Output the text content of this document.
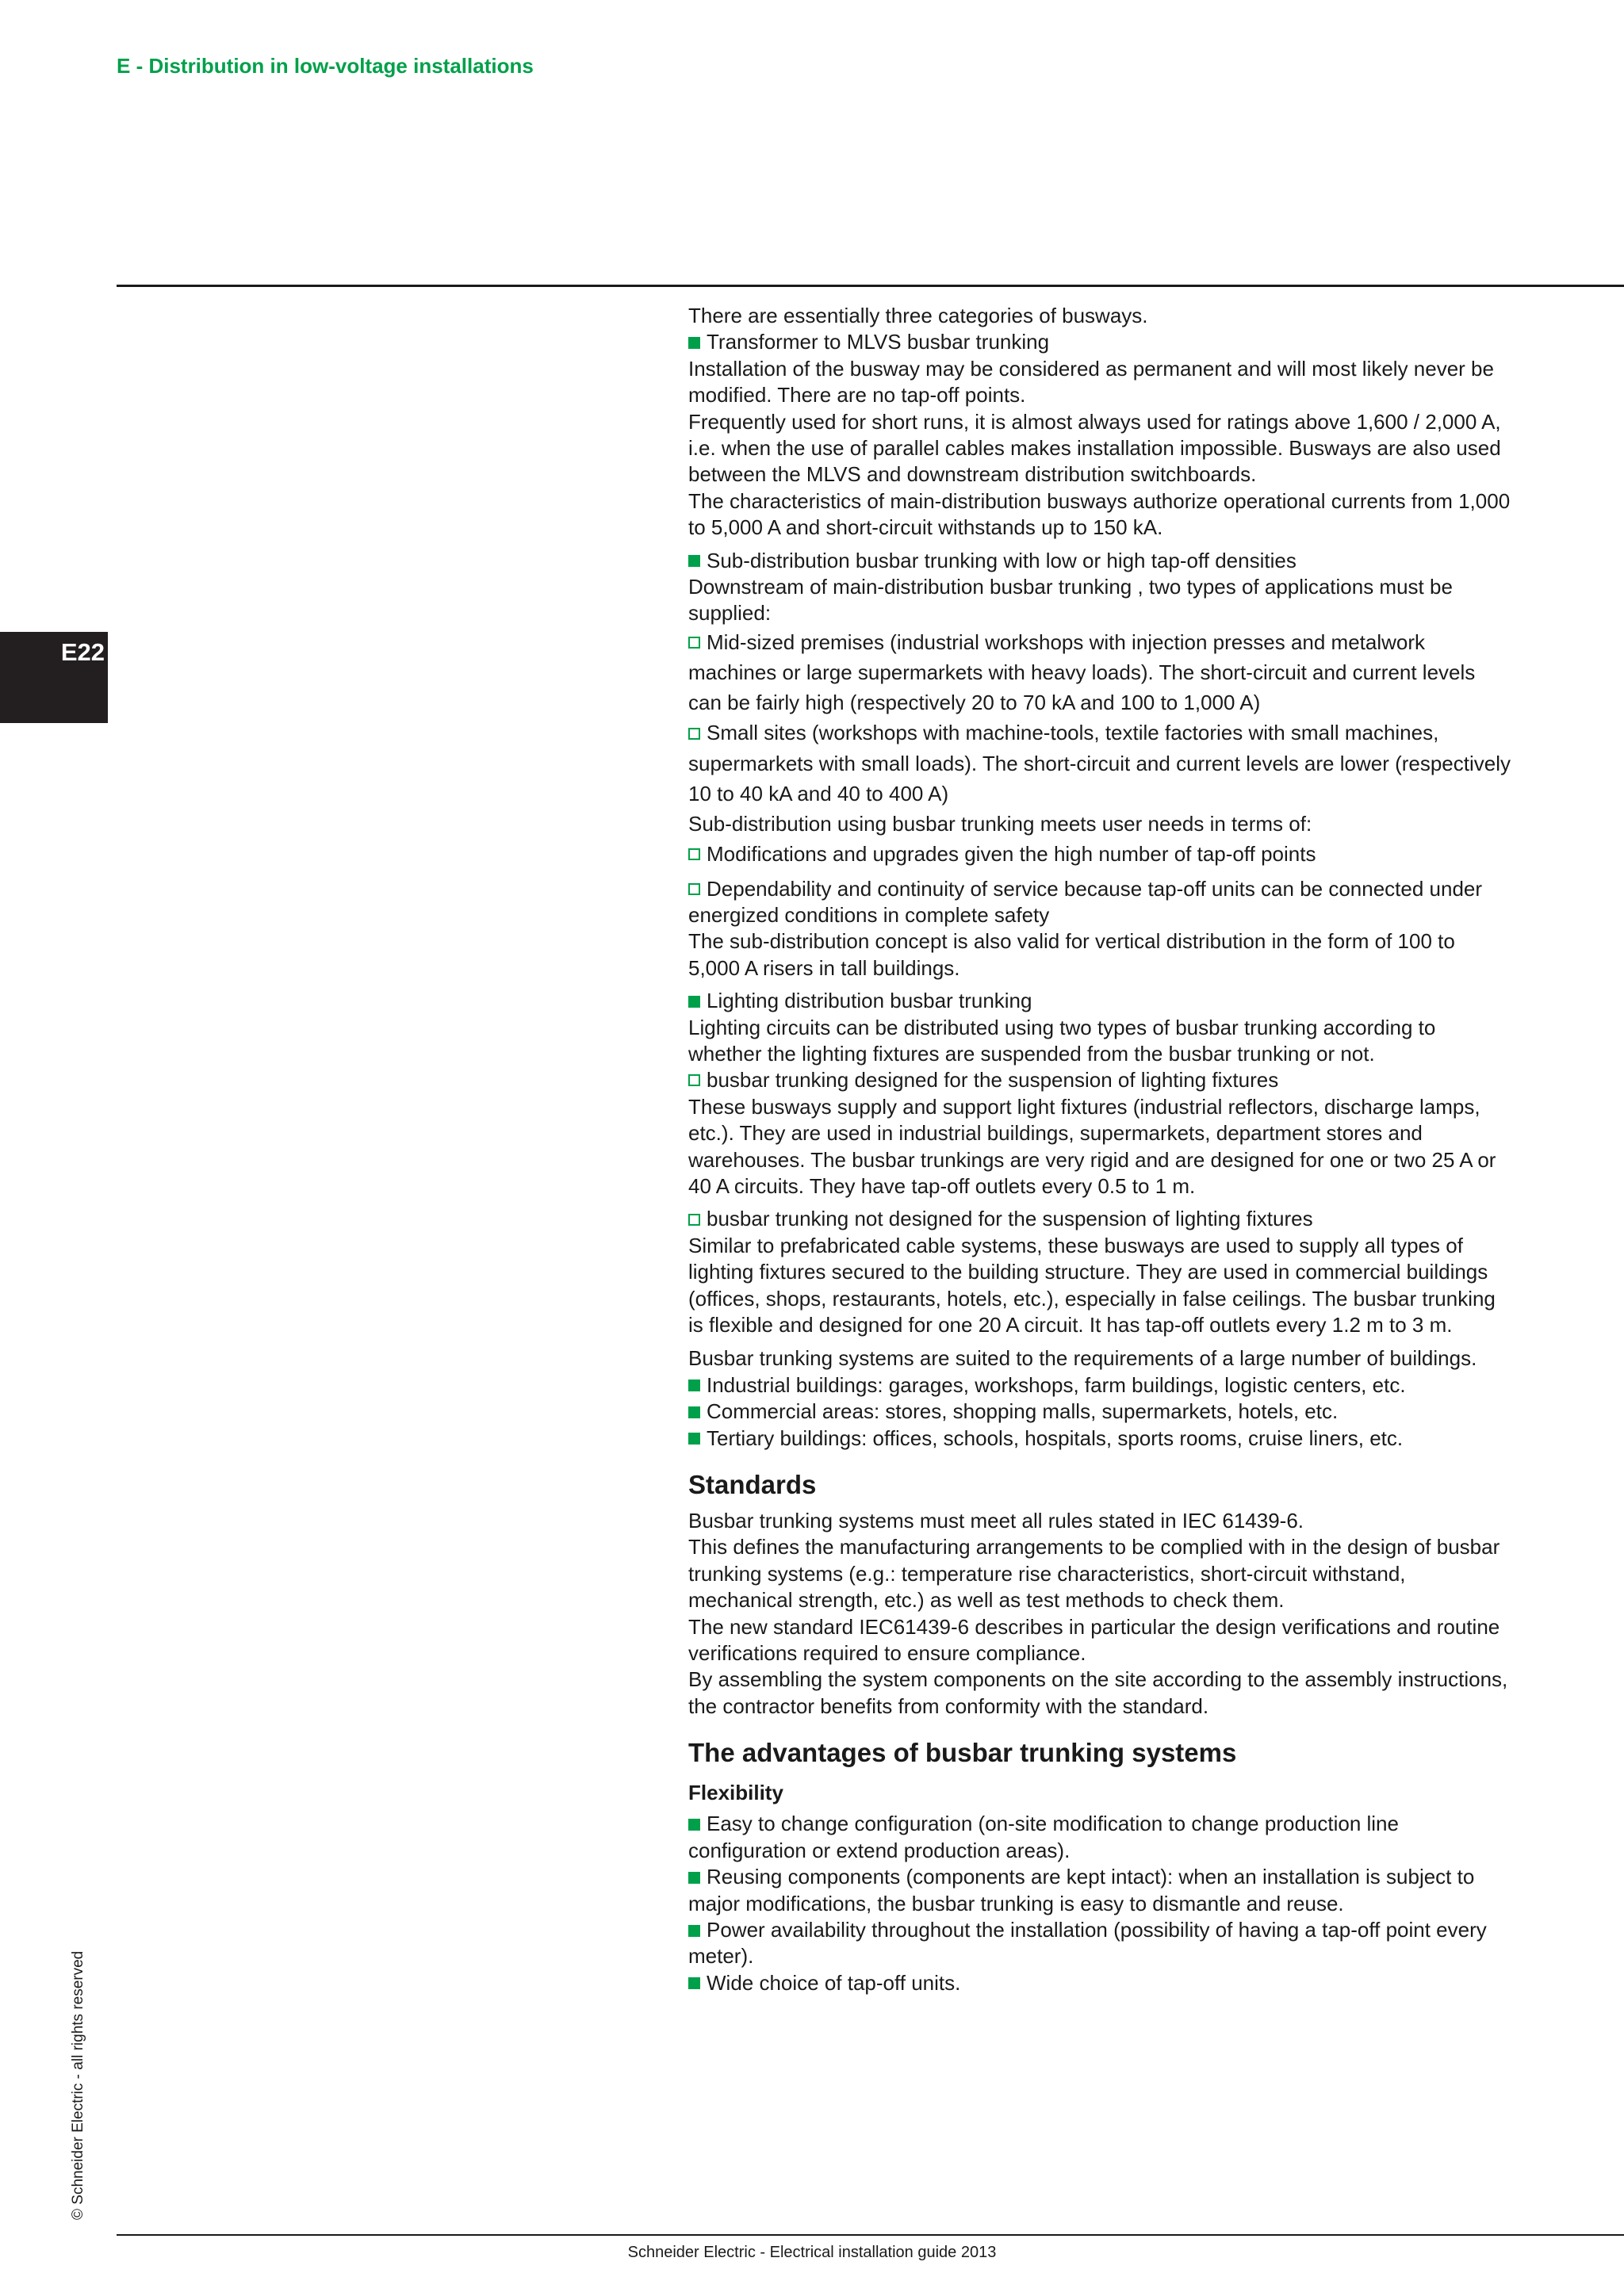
E - Distribution in low-voltage installations
E22
© Schneider Electric - all rights reserved

There are essentially three categories of busways.

Transformer to MLVS busbar trunking

Installation of the busway may be considered as permanent and will most likely never be modified. There are no tap-off points.

Frequently used for short runs, it is almost always used for ratings above 1,600 / 2,000 A, i.e. when the use of parallel cables makes installation impossible. Busways are also used between the MLVS and downstream distribution switchboards.

The characteristics of main-distribution busways authorize operational currents from 1,000 to 5,000 A and short-circuit withstands up to 150 kA.

Sub-distribution busbar trunking with low or high tap-off densities

Downstream of main-distribution busbar trunking , two types of applications must be supplied:

Mid-sized premises (industrial workshops with injection presses and metalwork machines or large supermarkets with heavy loads). The short-circuit and current levels can be fairly high (respectively 20 to 70 kA and 100 to 1,000 A)

Small sites (workshops with machine-tools, textile factories with small machines, supermarkets with small loads). The short-circuit and current levels are lower (respectively 10 to 40 kA and 40 to 400 A)

Sub-distribution using busbar trunking meets user needs in terms of:

Modifications and upgrades given the high number of tap-off points

Dependability and continuity of service because tap-off units can be connected under energized conditions in complete safety

The sub-distribution concept is also valid for vertical distribution in the form of 100 to 5,000 A risers in tall buildings.

Lighting distribution busbar trunking

Lighting circuits can be distributed using two types of busbar trunking according to whether the lighting fixtures are suspended from the busbar trunking or not.

busbar trunking designed for the suspension of lighting fixtures

These busways supply and support light fixtures (industrial reflectors, discharge lamps, etc.). They are used in industrial buildings, supermarkets, department stores and warehouses. The busbar trunkings are very rigid and are designed for one or two 25 A or 40 A circuits. They have tap-off outlets every 0.5 to 1 m.

busbar trunking not designed for the suspension of lighting fixtures

Similar to prefabricated cable systems, these busways are used to supply all types of lighting fixtures secured to the building structure. They are used in commercial buildings (offices, shops, restaurants, hotels, etc.), especially in false ceilings. The busbar trunking is flexible and designed for one 20 A circuit. It has tap-off outlets every 1.2 m to 3 m.

Busbar trunking systems are suited to the requirements of a large number of buildings.

Industrial buildings: garages, workshops, farm buildings, logistic centers, etc.

Commercial areas: stores, shopping malls, supermarkets, hotels, etc.

Tertiary buildings: offices, schools, hospitals, sports rooms, cruise liners, etc.

Standards

Busbar trunking systems must meet all rules stated in IEC 61439-6.

This defines the manufacturing arrangements to be complied with in the design of busbar trunking systems (e.g.: temperature rise characteristics, short-circuit withstand, mechanical strength, etc.) as well as test methods to check them.

The new standard IEC61439-6 describes in particular the design verifications and routine verifications required to ensure compliance.

By assembling the system components on the site according to the assembly instructions, the contractor benefits from conformity with the standard.

The advantages of busbar trunking systems
Flexibility

Easy to change configuration (on-site modification to change production line configuration or extend production areas).

Reusing components (components are kept intact): when an installation is subject to major modifications, the busbar trunking is easy to dismantle and reuse.

Power availability throughout the installation (possibility of having a tap-off point every meter).

Wide choice of tap-off units.

Schneider Electric - Electrical installation guide 2013
